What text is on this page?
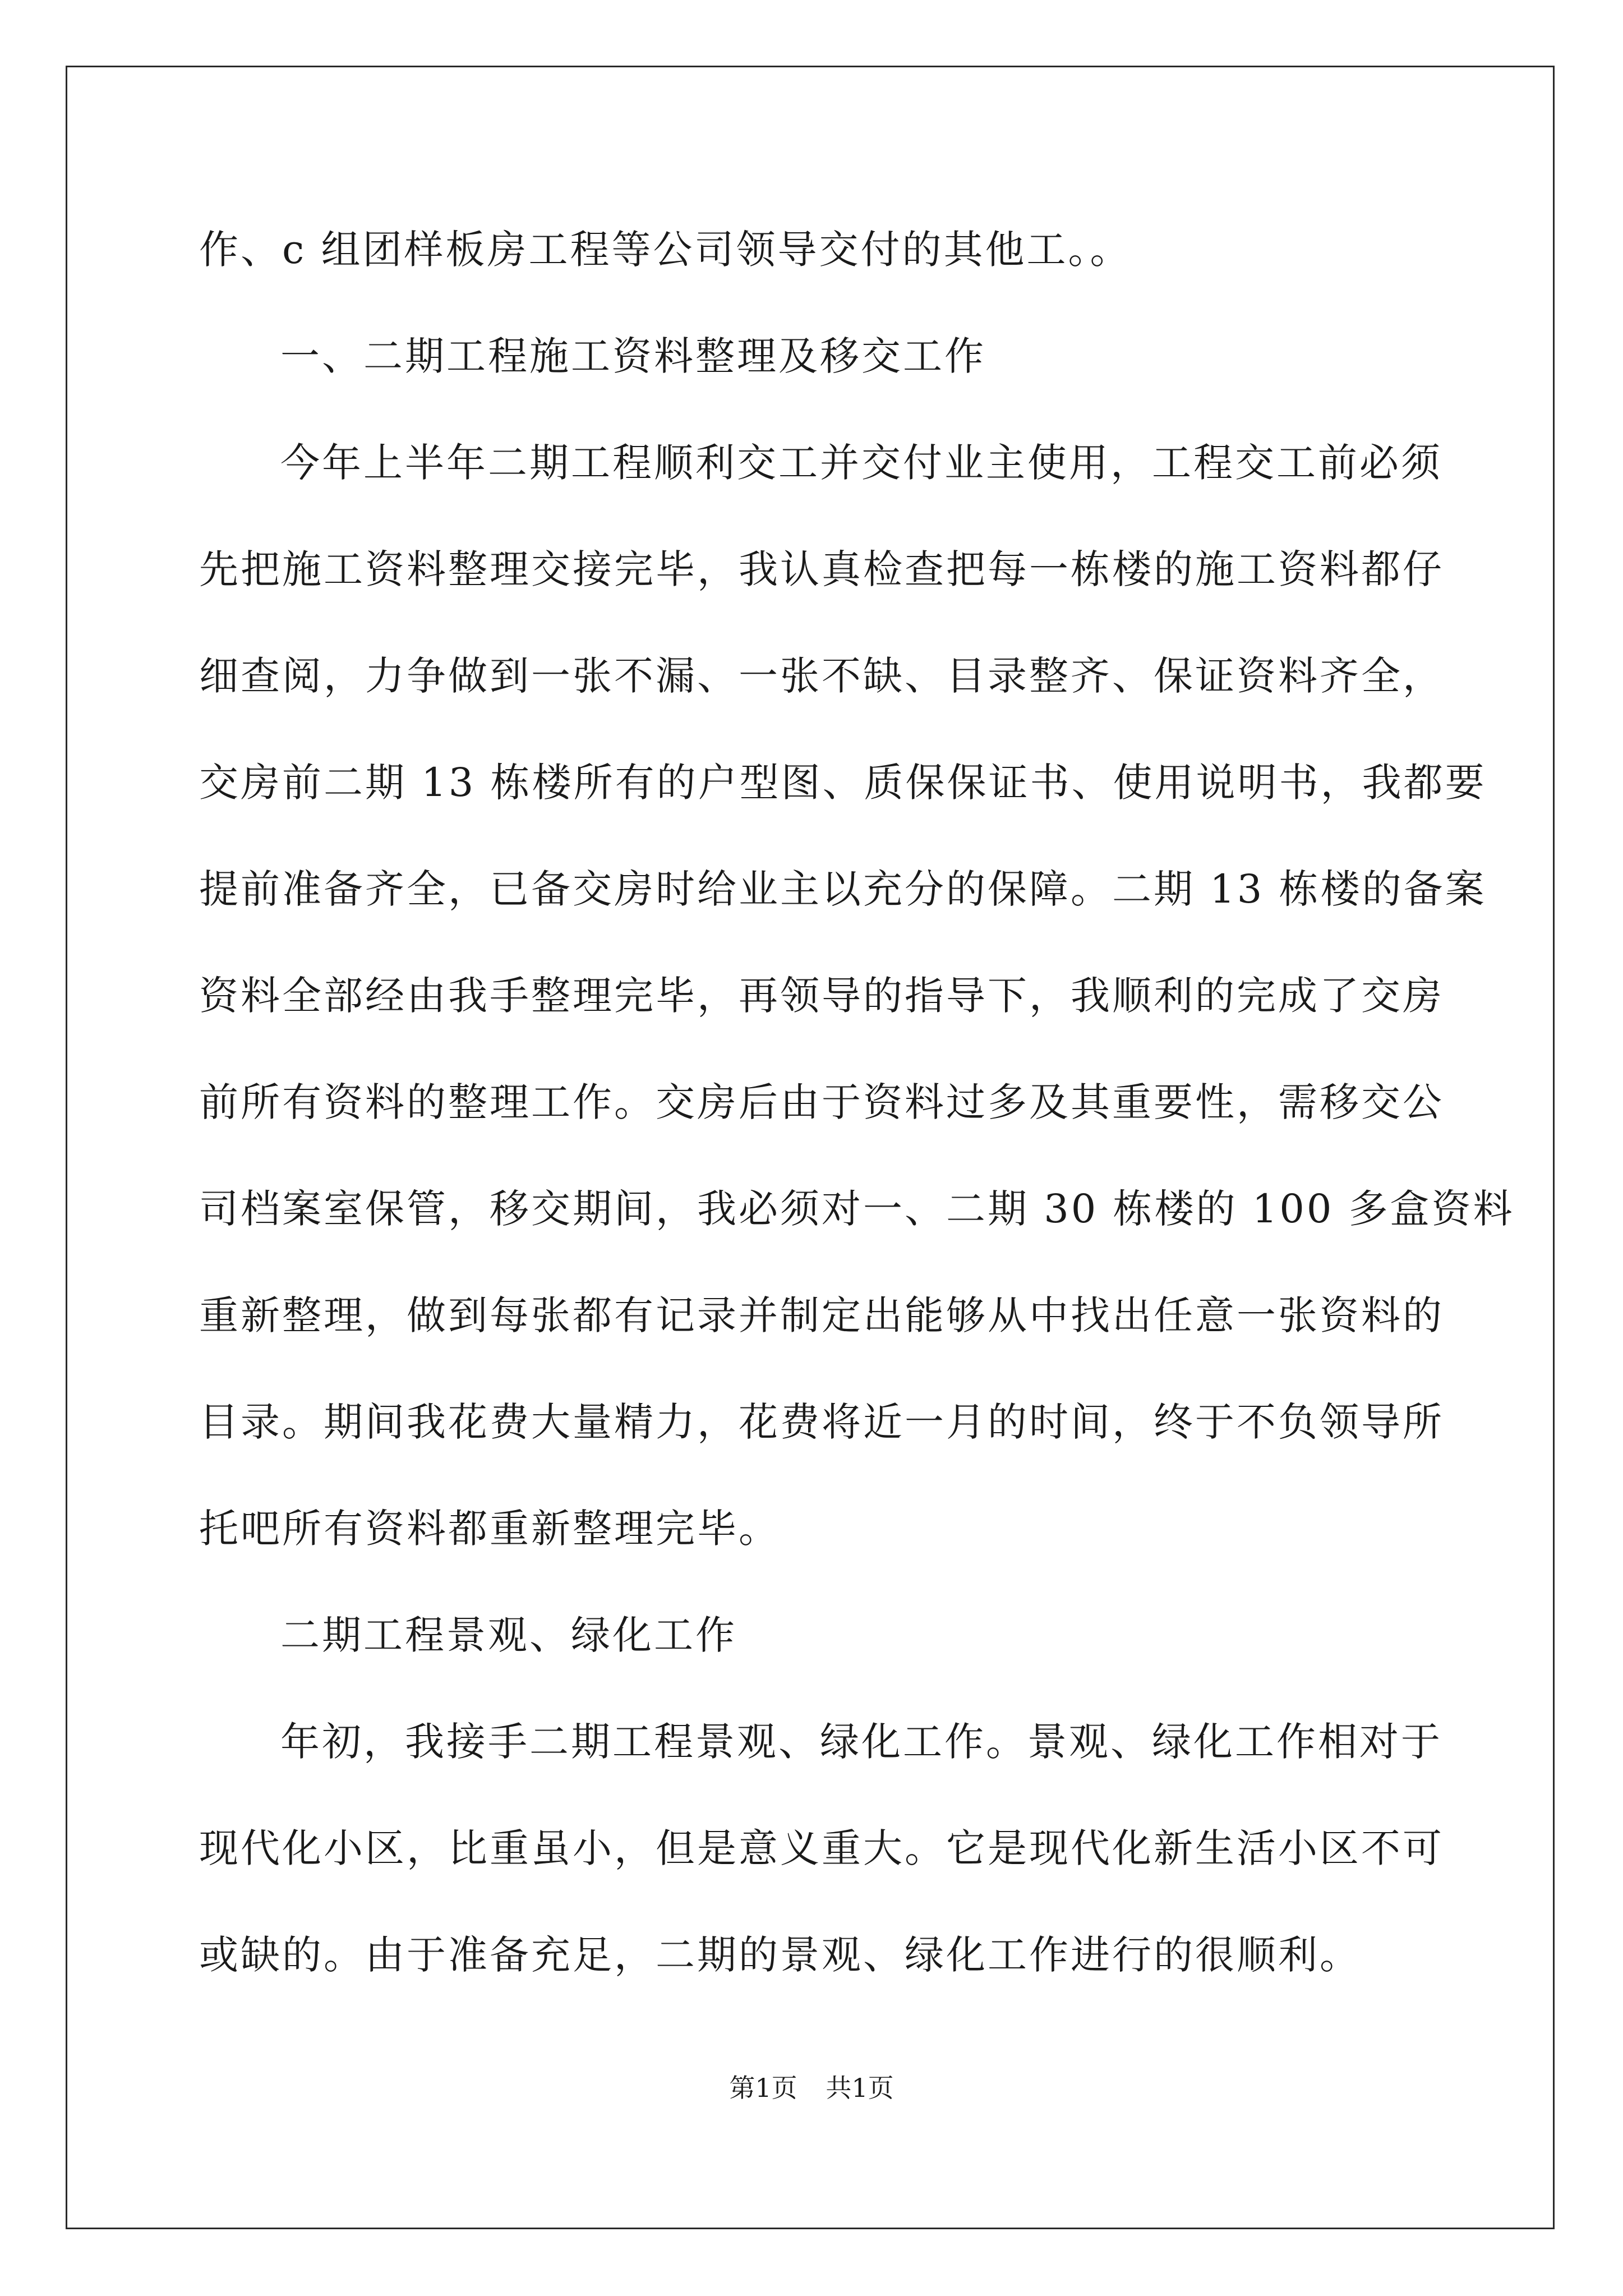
作、c 组团样板房工程等公司领导交付的其他工。。
一、二期工程施工资料整理及移交工作
今年上半年二期工程顺利交工并交付业主使用，工程交工前必须
先把施工资料整理交接完毕，我认真检查把每一栋楼的施工资料都仔
细查阅，力争做到一张不漏、一张不缺、目录整齐、保证资料齐全，
交房前二期 13 栋楼所有的户型图、质保保证书、使用说明书，我都要
提前准备齐全，已备交房时给业主以充分的保障。二期 13 栋楼的备案
资料全部经由我手整理完毕，再领导的指导下，我顺利的完成了交房
前所有资料的整理工作。交房后由于资料过多及其重要性，需移交公
司档案室保管，移交期间，我必须对一、二期 30 栋楼的 100 多盒资料
重新整理，做到每张都有记录并制定出能够从中找出任意一张资料的
目录。期间我花费大量精力，花费将近一月的时间，终于不负领导所
托吧所有资料都重新整理完毕。
二期工程景观、绿化工作
年初，我接手二期工程景观、绿化工作。景观、绿化工作相对于
现代化小区，比重虽小，但是意义重大。它是现代化新生活小区不可
或缺的。由于准备充足，二期的景观、绿化工作进行的很顺利。
第1页 共1页
